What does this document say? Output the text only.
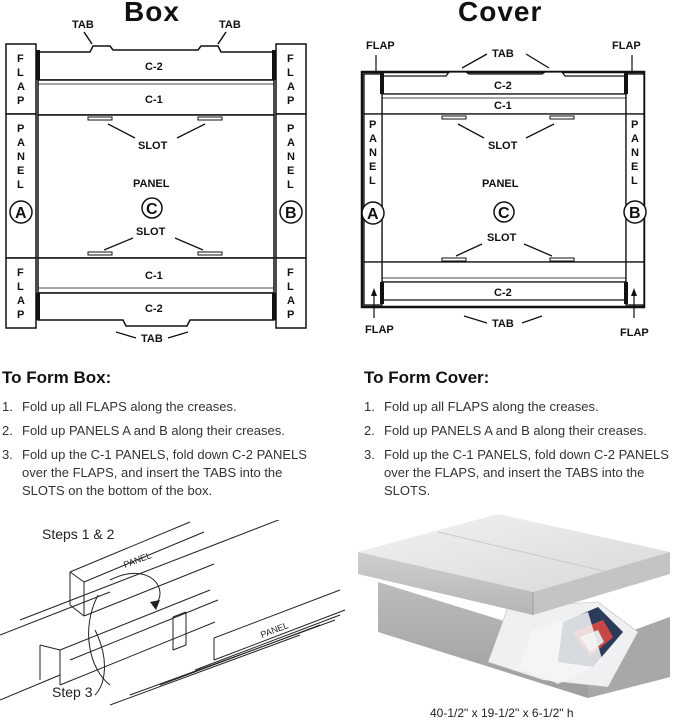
Box	Cover
TAB	TAB
C-2
C-1
SLOT
PANEL
C
SLOT
C-1
C-2
TAB
F
L
A
P
P
A
N
E
L
A
F
L
A
P
F
L
A
P
P
A
N
E
L
B
F
L
A
P
FLAP	FLAP
TAB
C-2
C-1
SLOT
PANEL
C
SLOT
C-2
P
A
N
E
L
A
P
A
N
E
L
B
FLAP	FLAP
TAB
To Form Box:
1. Fold up all FLAPS along the creases.
2. Fold up PANELS A and B along their creases.
3. Fold up the C-1 PANELS, fold down C-2 PANELS over the FLAPS, and insert the TABS into the SLOTS on the bottom of the box.
To Form Cover:
1. Fold up all FLAPS along the creases.
2. Fold up PANELS A and B along their creases.
3. Fold up the C-1 PANELS, fold down C-2 PANELS over the FLAPS, and insert the TABS into the SLOTS.
Steps 1 & 2
Step 3
PANEL
PANEL
40-1/2" x 19-1/2" x 6-1/2" h
